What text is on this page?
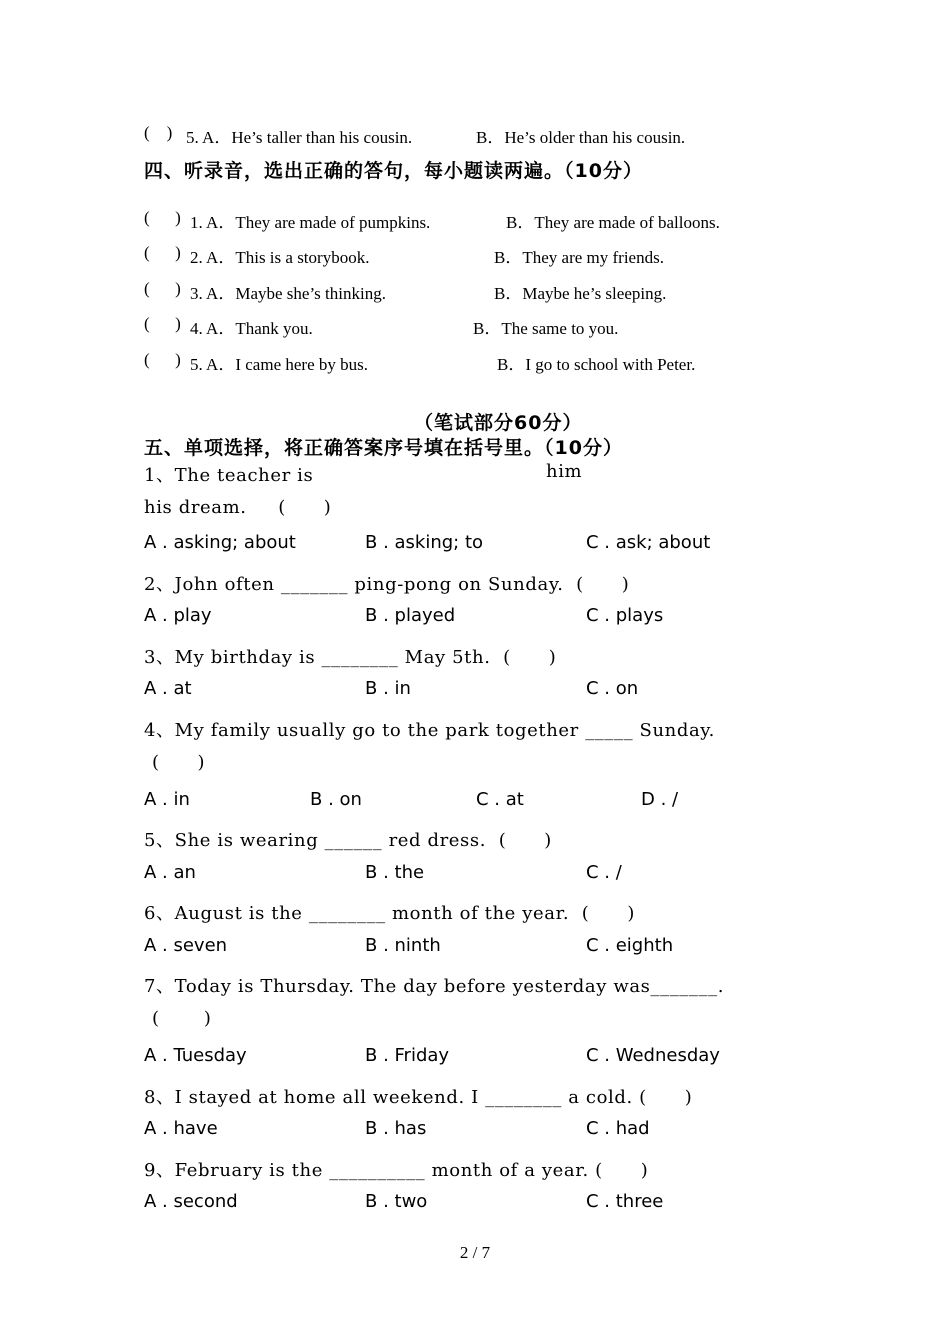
(    ) 5. A．He’s taller than his cousin.	B．He’s older than his cousin.
四、听录音，选出正确的答句，每小题读两遍。（10分）
(      ) 1. A．They are made of pumpkins.	B．They are made of balloons.
(      ) 2. A．This is a storybook.	B．They are my friends.
(      ) 3. A．Maybe she’s thinking.	B．Maybe he’s sleeping.
(      ) 4. A．Thank you.	B．The same to you.
(      ) 5. A．I came here by bus.	B．I go to school with Peter.
（笔试部分60分）
五、单项选择，将正确答案序号填在括号里。（10分）
1、The teacher is	him
his dream.     (      )
A . asking; about	B . asking; to	C . ask; about
2、John often _______ ping-pong on Sunday.  (      )
A . play	B . played	C . plays
3、My birthday is ________ May 5th.  (      )
A . at	B . in	C . on
4、My family usually go to the park together _____ Sunday.
(      )
A . in	B . on	C . at	D . /
5、She is wearing ______ red dress.  (      )
A . an	B . the	C . /
6、August is the ________ month of the year.  (      )
A . seven	B . ninth	C . eighth
7、Today is Thursday. The day before yesterday was_______.
(       )
A . Tuesday	B . Friday	C . Wednesday
8、I stayed at home all weekend. I ________ a cold. (      )
A . have	B . has	C . had
9、February is the __________ month of a year. (      )
A . second	B . two	C . three
2 / 7
